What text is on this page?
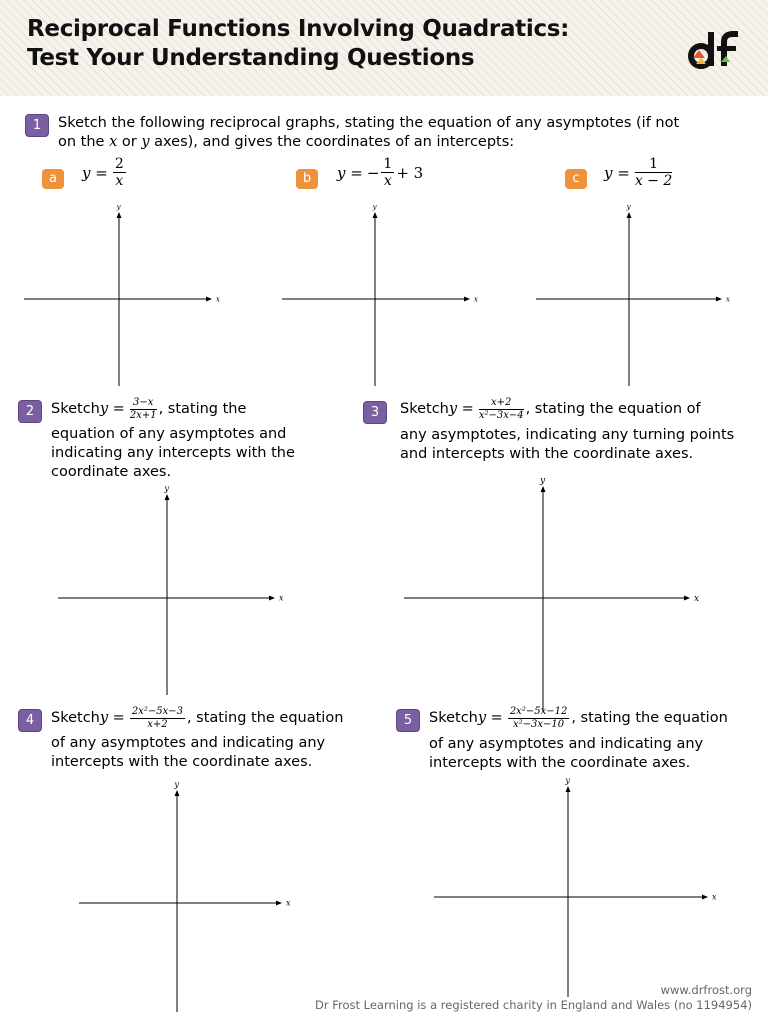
Reciprocal Functions Involving Quadratics:
Test Your Understanding Questions
1	Sketch the following reciprocal graphs, stating the equation of any asymptotes (if not
on the x or y axes), and gives the coordinates of an intercepts:
a	$y = \frac{2}{x}$	b	y = − $\frac{1}{x} + 3$	c	$y = \frac{1}{x - 2}$
x
y
x
y
x
y
2	Sketch $y = \frac{3-x}{2x+1}$ , stating the
equation of any asymptotes and
indicating any intercepts with the
coordinate axes.
x
y
3	Sketch $y = \frac{x+2}{\text{x²−3x−4}}$ , stating the equation of
any asymptotes, indicating any turning points
and intercepts with the coordinate axes.
x
y
4	Sketch $y = \frac{\text{2x²−5x−3}}{x+2}$ , stating the equation
of any asymptotes and indicating any
intercepts with the coordinate axes.
x
y
5	Sketch $y = \frac{\text{2x²−5x−12}}{\text{x²−3x−10}}$ , stating the equation
of any asymptotes and indicating any
intercepts with the coordinate axes.
x
y
www.drfrost.org
Dr Frost Learning is a registered charity in England and Wales (no 1194954)
